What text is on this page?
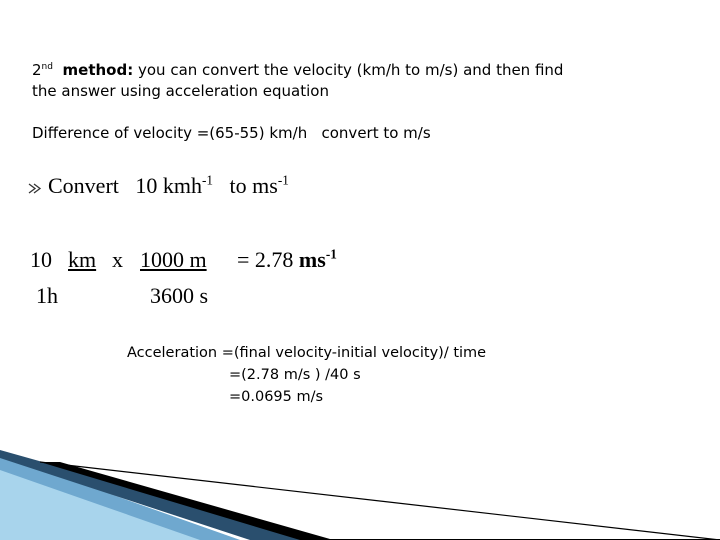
2nd method: you can convert the velocity (km/h to m/s) and then find
the answer using acceleration equation
Difference of velocity =(65-55) km/h   convert to m/s
Convert 10 kmh$^{-1}$ to $ms^{-1}$
10 km x 1000 m = 2.78 $ms^{-1}$
1h	3600 s
Acceleration =(final velocity-initial velocity)/ time
=(2.78 m/s ) /40 s
=0.0695 m/s
